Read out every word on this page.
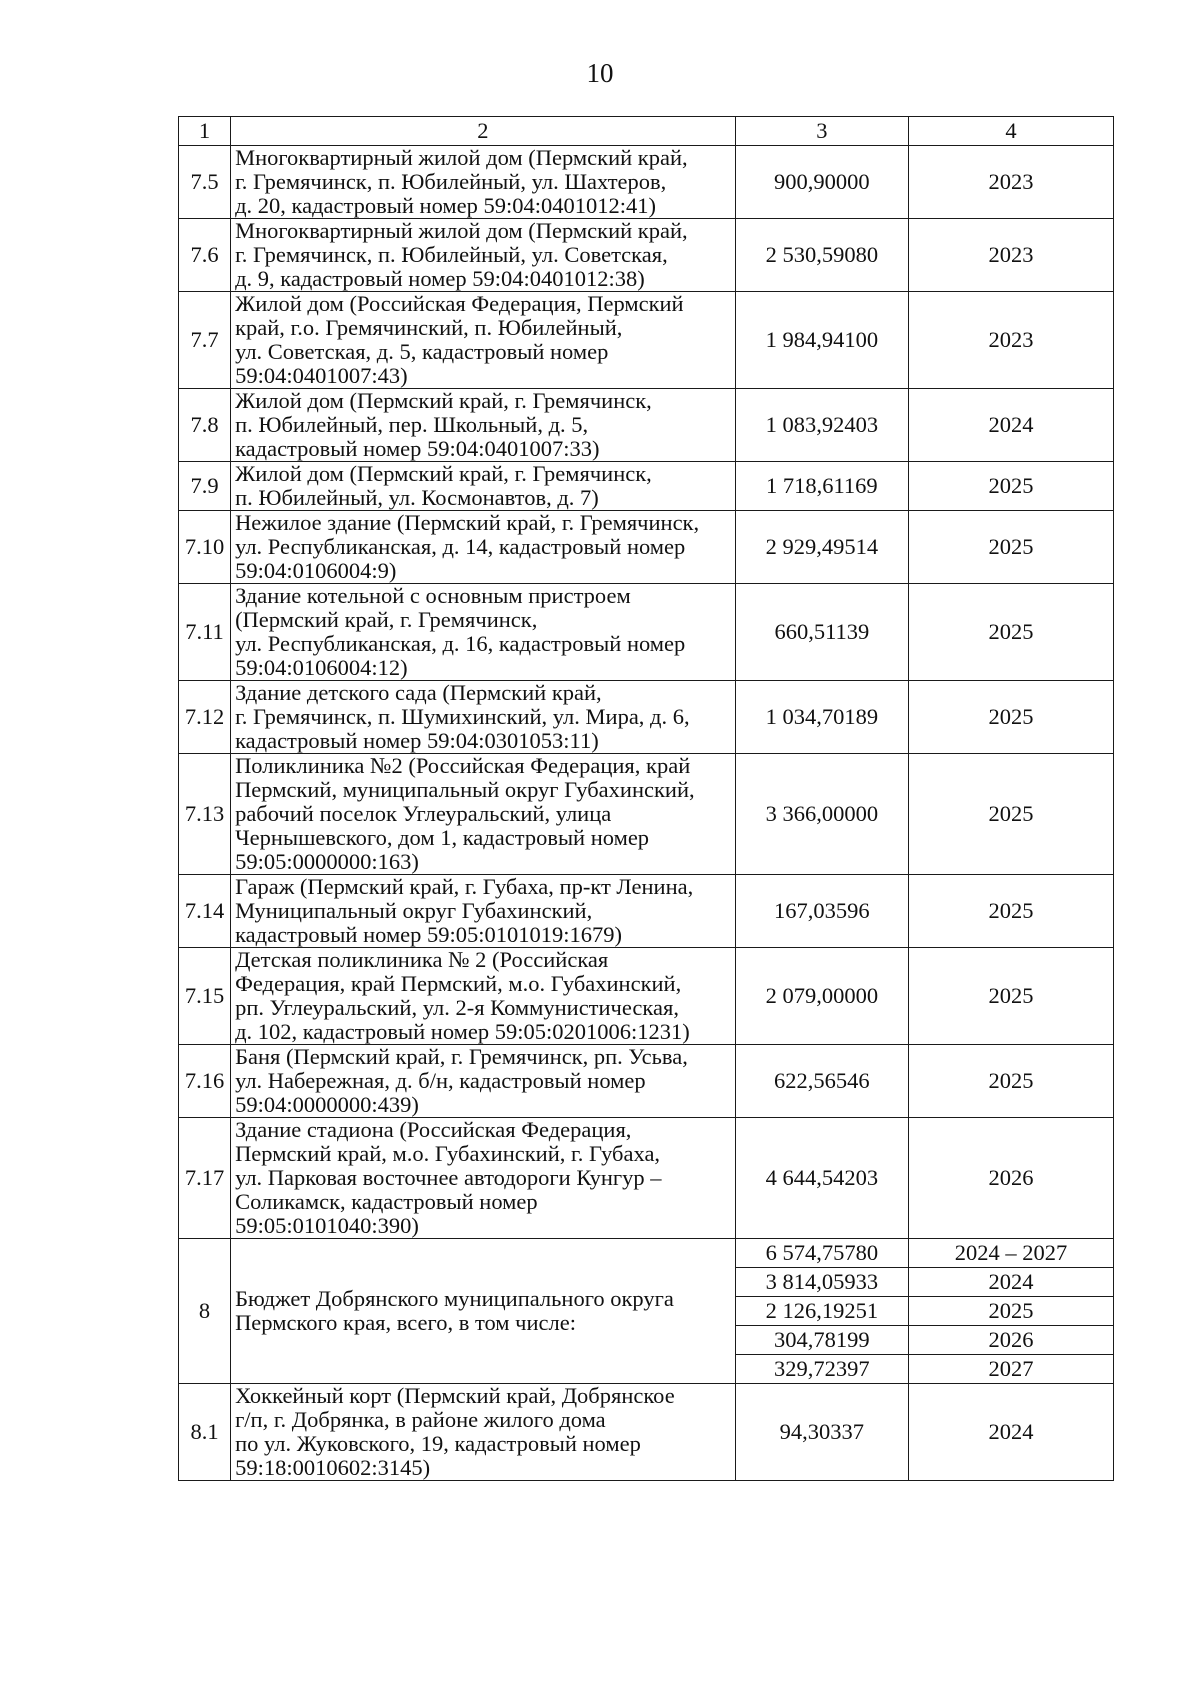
10
1	2	3	4
7.5	Многоквартирный жилой дом (Пермский край,
г. Гремячинск, п. Юбилейный, ул. Шахтеров,
д. 20, кадастровый номер 59:04:0401012:41)	900,90000	2023
7.6	Многоквартирный жилой дом (Пермский край,
г. Гремячинск, п. Юбилейный, ул. Советская,
д. 9, кадастровый номер 59:04:0401012:38)	2 530,59080	2023
7.7	Жилой дом (Российская Федерация, Пермский
край, г.о. Гремячинский, п. Юбилейный,
ул. Советская, д. 5, кадастровый номер
59:04:0401007:43)	1 984,94100	2023
7.8	Жилой дом (Пермский край, г. Гремячинск,
п. Юбилейный, пер. Школьный, д. 5,
кадастровый номер 59:04:0401007:33)	1 083,92403	2024
7.9	Жилой дом (Пермский край, г. Гремячинск,
п. Юбилейный, ул. Космонавтов, д. 7)	1 718,61169	2025
7.10	Нежилое здание (Пермский край, г. Гремячинск,
ул. Республиканская, д. 14, кадастровый номер
59:04:0106004:9)	2 929,49514	2025
7.11	Здание котельной с основным пристроем
(Пермский край, г. Гремячинск,
ул. Республиканская, д. 16, кадастровый номер
59:04:0106004:12)	660,51139	2025
7.12	Здание детского сада (Пермский край,
г. Гремячинск, п. Шумихинский, ул. Мира, д. 6,
кадастровый номер 59:04:0301053:11)	1 034,70189	2025
7.13	Поликлиника №2 (Российская Федерация, край
Пермский, муниципальный округ Губахинский,
рабочий поселок Углеуральский, улица
Чернышевского, дом 1, кадастровый номер
59:05:0000000:163)	3 366,00000	2025
7.14	Гараж (Пермский край, г. Губаха, пр-кт Ленина,
Муниципальный округ Губахинский,
кадастровый номер 59:05:0101019:1679)	167,03596	2025
7.15	Детская поликлиника № 2 (Российская
Федерация, край Пермский, м.о. Губахинский,
рп. Углеуральский, ул. 2-я Коммунистическая,
д. 102, кадастровый номер 59:05:0201006:1231)	2 079,00000	2025
7.16	Баня (Пермский край, г. Гремячинск, рп. Усьва,
ул. Набережная, д. б/н, кадастровый номер
59:04:0000000:439)	622,56546	2025
7.17	Здание стадиона (Российская Федерация,
Пермский край, м.о. Губахинский, г. Губаха,
ул. Парковая восточнее автодороги Кунгур –
Соликамск, кадастровый номер
59:05:0101040:390)	4 644,54203	2026
8	Бюджет Добрянского муниципального округа
Пермского края, всего, в том числе:	6 574,75780	2024 – 2027
		3 814,05933	2024
		2 126,19251	2025
		304,78199	2026
		329,72397	2027
8.1	Хоккейный корт (Пермский край, Добрянское
г/п, г. Добрянка, в районе жилого дома
по ул. Жуковского, 19, кадастровый номер
59:18:0010602:3145)	94,30337	2024
